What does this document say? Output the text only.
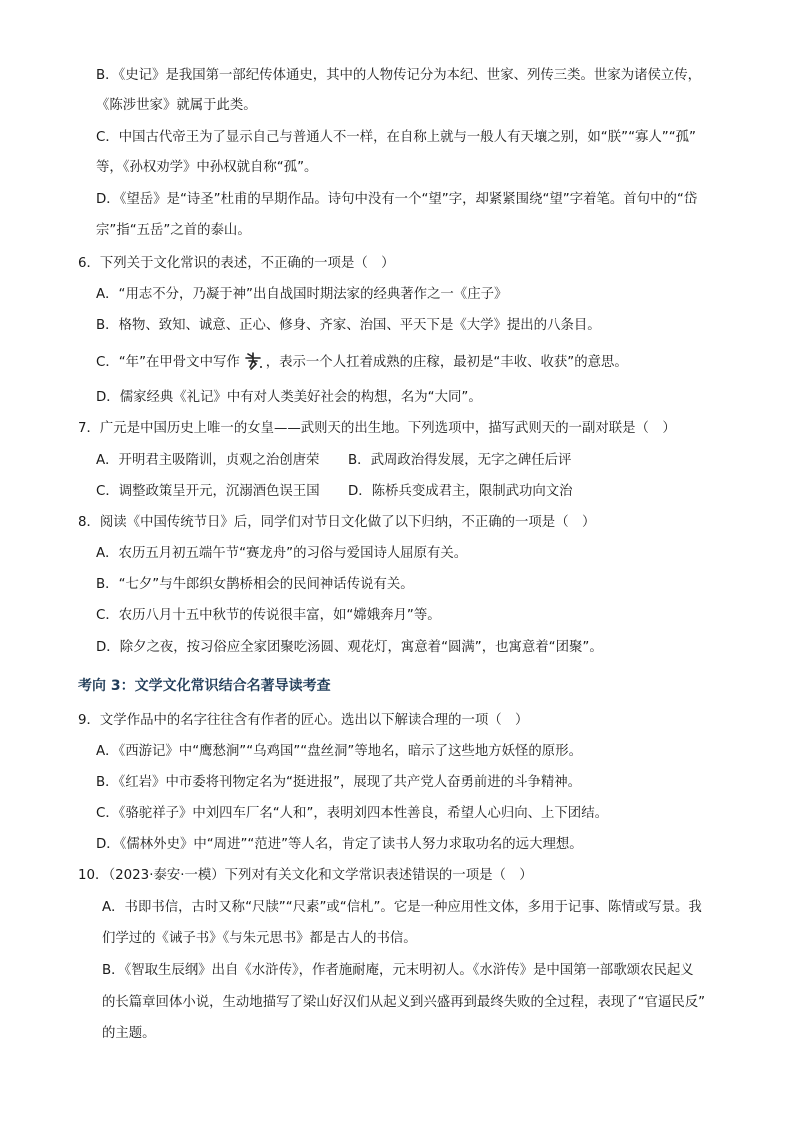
B．《史记》是我国第一部纪传体通史，其中的人物传记分为本纪、世家、列传三类。世家为诸侯立传，
《陈涉世家》就属于此类。
C．中国古代帝王为了显示自己与普通人不一样，在自称上就与一般人有天壤之别，如“朕”“寡人”“孤”
等，《孙权劝学》中孙权就自称“孤”。
D．《望岳》是“诗圣”杜甫的早期作品。诗句中没有一个“望”字，却紧紧围绕“望”字着笔。首句中的“岱
宗”指“五岳”之首的泰山。
6．下列关于文化常识的表述，不正确的一项是（　）
A．“用志不分，乃凝于神”出自战国时期法家的经典著作之一《庄子》
B．格物、致知、诚意、正心、修身、齐家、治国、平天下是《大学》提出的八条目。
C．“年”在甲骨文中写作 ，表示一个人扛着成熟的庄稼，最初是“丰收、收获”的意思。
D．儒家经典《礼记》中有对人类美好社会的构想，名为“大同”。
7．广元是中国历史上唯一的女皇——武则天的出生地。下列选项中，描写武则天的一副对联是（　）
A．开明君主吸隋训，贞观之治创唐荣 B．武周政治得发展，无字之碑任后评
C．调整政策呈开元，沉溺酒色误王国 D．陈桥兵变成君主，限制武功向文治
8．阅读《中国传统节日》后，同学们对节日文化做了以下归纳，不正确的一项是（　）
A．农历五月初五端午节“赛龙舟”的习俗与爱国诗人屈原有关。
B．“七夕”与牛郎织女鹊桥相会的民间神话传说有关。
C．农历八月十五中秋节的传说很丰富，如“嫦娥奔月”等。
D．除夕之夜，按习俗应全家团聚吃汤圆、观花灯，寓意着“圆满”，也寓意着“团聚”。
考向 3：文学文化常识结合名著导读考查
9．文学作品中的名字往往含有作者的匠心。选出以下解读合理的一项（　）
A．《西游记》中“鹰愁涧”“乌鸡国”“盘丝洞”等地名，暗示了这些地方妖怪的原形。
B．《红岩》中市委将刊物定名为“挺进报”，展现了共产党人奋勇前进的斗争精神。
C．《骆驼祥子》中刘四车厂名“人和”，表明刘四本性善良，希望人心归向、上下团结。
D．《儒林外史》中“周进”“范进”等人名，肯定了读书人努力求取功名的远大理想。
10．（2023·泰安·一模）下列对有关文化和文学常识表述错误的一项是（　）
A．书即书信，古时又称“尺牍”“尺素”或“信札”。它是一种应用性文体，多用于记事、陈情或写景。我
们学过的《诫子书》《与朱元思书》都是古人的书信。
B．《智取生辰纲》出自《水浒传》，作者施耐庵，元末明初人。《水浒传》是中国第一部歌颂农民起义
的长篇章回体小说，生动地描写了梁山好汉们从起义到兴盛再到最终失败的全过程，表现了“官逼民反”
的主题。
